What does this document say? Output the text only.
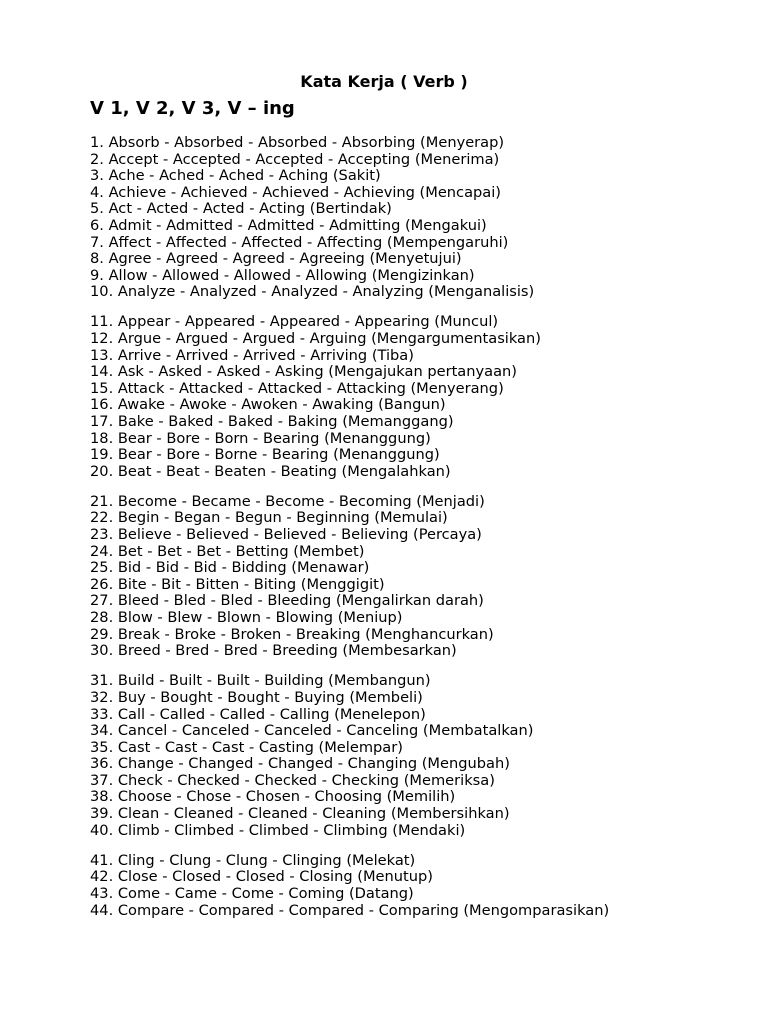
Kata Kerja ( Verb )
V 1, V 2, V 3, V – ing
1. Absorb - Absorbed - Absorbed - Absorbing (Menyerap)
2. Accept - Accepted - Accepted - Accepting (Menerima)
3. Ache - Ached - Ached - Aching (Sakit)
4. Achieve - Achieved - Achieved - Achieving (Mencapai)
5. Act - Acted - Acted - Acting (Bertindak)
6. Admit - Admitted - Admitted - Admitting (Mengakui)
7. Affect - Affected - Affected - Affecting (Mempengaruhi)
8. Agree - Agreed - Agreed - Agreeing (Menyetujui)
9. Allow - Allowed - Allowed - Allowing (Mengizinkan)
10. Analyze - Analyzed - Analyzed - Analyzing (Menganalisis)
11. Appear - Appeared - Appeared - Appearing (Muncul)
12. Argue - Argued - Argued - Arguing (Mengargumentasikan)
13. Arrive - Arrived - Arrived - Arriving (Tiba)
14. Ask - Asked - Asked - Asking (Mengajukan pertanyaan)
15. Attack - Attacked - Attacked - Attacking (Menyerang)
16. Awake - Awoke - Awoken - Awaking (Bangun)
17. Bake - Baked - Baked - Baking (Memanggang)
18. Bear - Bore - Born - Bearing (Menanggung)
19. Bear - Bore - Borne - Bearing (Menanggung)
20. Beat - Beat - Beaten - Beating (Mengalahkan)
21. Become - Became - Become - Becoming (Menjadi)
22. Begin - Began - Begun - Beginning (Memulai)
23. Believe - Believed - Believed - Believing (Percaya)
24. Bet - Bet - Bet - Betting (Membet)
25. Bid - Bid - Bid - Bidding (Menawar)
26. Bite - Bit - Bitten - Biting (Menggigit)
27. Bleed - Bled - Bled - Bleeding (Mengalirkan darah)
28. Blow - Blew - Blown - Blowing (Meniup)
29. Break - Broke - Broken - Breaking (Menghancurkan)
30. Breed - Bred - Bred - Breeding (Membesarkan)
31. Build - Built - Built - Building (Membangun)
32. Buy - Bought - Bought - Buying (Membeli)
33. Call - Called - Called - Calling (Menelepon)
34. Cancel - Canceled - Canceled - Canceling (Membatalkan)
35. Cast - Cast - Cast - Casting (Melempar)
36. Change - Changed - Changed - Changing (Mengubah)
37. Check - Checked - Checked - Checking (Memeriksa)
38. Choose - Chose - Chosen - Choosing (Memilih)
39. Clean - Cleaned - Cleaned - Cleaning (Membersihkan)
40. Climb - Climbed - Climbed - Climbing (Mendaki)
41. Cling - Clung - Clung - Clinging (Melekat)
42. Close - Closed - Closed - Closing (Menutup)
43. Come - Came - Come - Coming (Datang)
44. Compare - Compared - Compared - Comparing (Mengomparasikan)
